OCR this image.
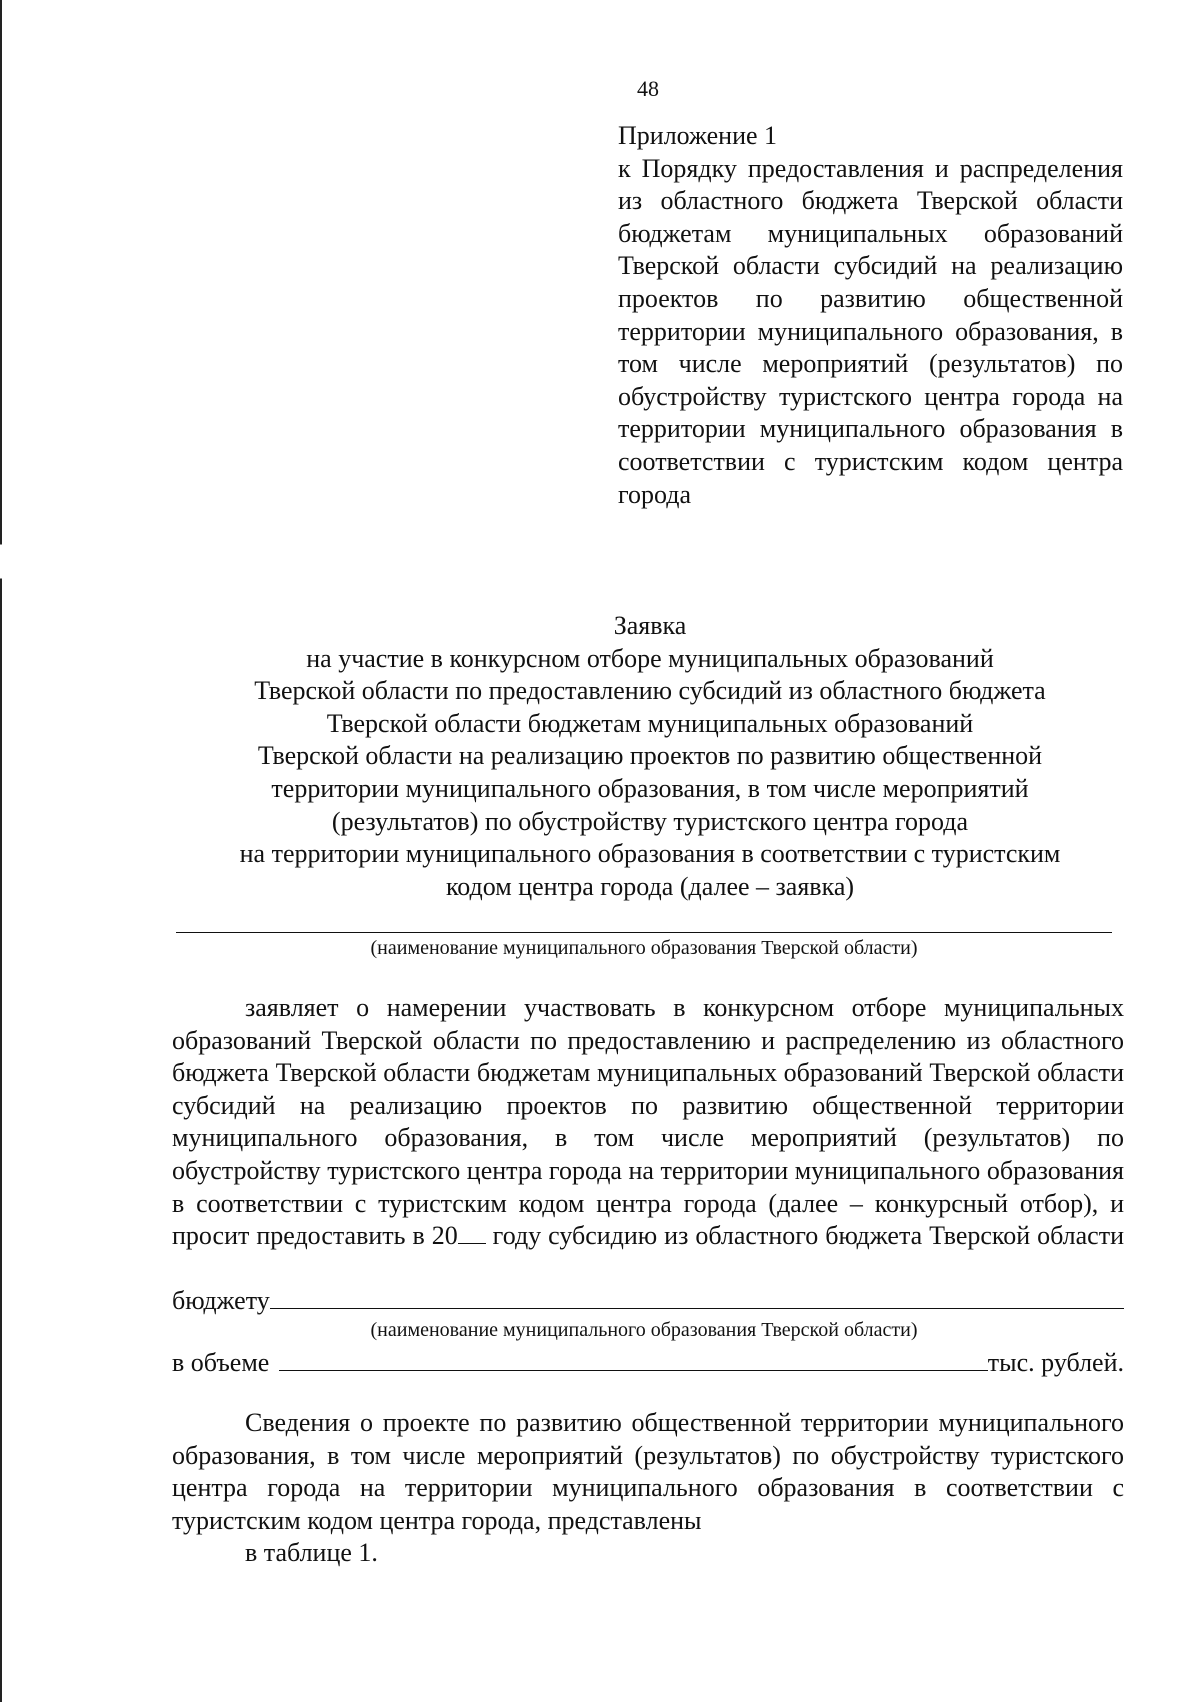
48
Приложение 1
к Порядку предоставления и распределения из областного бюджета Тверской области бюджетам муниципальных образований Тверской области субсидий на реализацию проектов по развитию общественной территории муниципального образования, в том числе мероприятий (результатов) по обустройству туристского центра города на территории муниципального образования в соответствии с туристским кодом центра города
Заявка
на участие в конкурсном отборе муниципальных образований
Тверской области по предоставлению субсидий из областного бюджета
Тверской области бюджетам муниципальных образований
Тверской области на реализацию проектов по развитию общественной
территории муниципального образования, в том числе мероприятий
(результатов) по обустройству туристского центра города
на территории муниципального образования в соответствии с туристским
кодом центра города (далее – заявка)
(наименование муниципального образования Тверской области)
заявляет о намерении участвовать в конкурсном отборе муниципальных образований Тверской области по предоставлению и распределению из областного бюджета Тверской области бюджетам муниципальных образований Тверской области субсидий на реализацию проектов по развитию общественной территории муниципального образования, в том числе мероприятий (результатов) по обустройству туристского центра города на территории муниципального образования в соответствии с туристским кодом центра города (далее – конкурсный отбор), и просит предоставить в 20 году субсидию из областного бюджета Тверской области
бюджету
(наименование муниципального образования Тверской области)
в объеме	тыс. рублей.
Сведения о проекте по развитию общественной территории муниципального образования, в том числе мероприятий (результатов) по обустройству туристского центра города на территории муниципального образования в соответствии с туристским кодом центра города, представлены
в таблице 1.
